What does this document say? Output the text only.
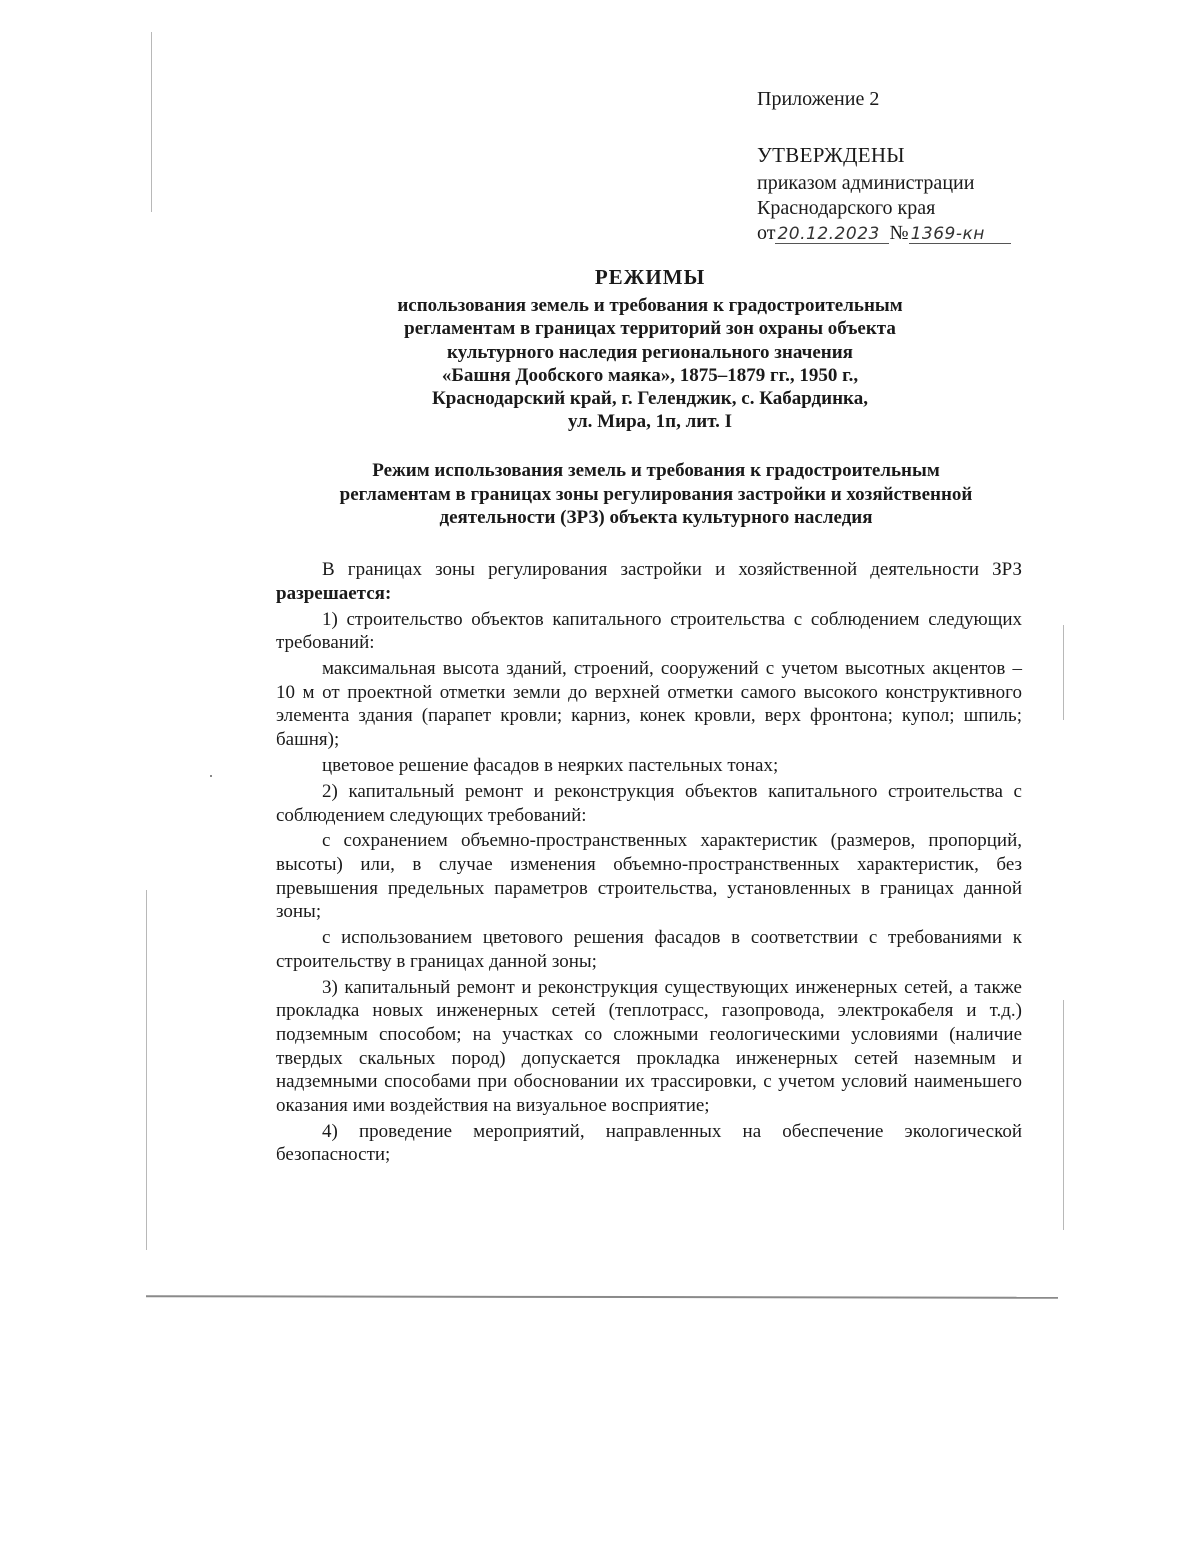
Приложение 2
УТВЕРЖДЕНЫ
приказом администрации
Краснодарского края
от 20.12.2023 № 1369-кн
РЕЖИМЫ
использования земель и требования к градостроительным
регламентам в границах территорий зон охраны объекта
культурного наследия регионального значения
«Башня Дообского маяка», 1875–1879 гг., 1950 г.,
Краснодарский край, г. Геленджик, с. Кабардинка,
ул. Мира, 1п, лит. I
Режим использования земель и требования к градостроительным
регламентам в границах зоны регулирования застройки и хозяйственной
деятельности (ЗРЗ) объекта культурного наследия

В границах зоны регулирования застройки и хозяйственной деятельности ЗРЗ разрешается:

1) строительство объектов капитального строительства с соблюдением следующих требований:

максимальная высота зданий, строений, сооружений с учетом высотных акцентов – 10 м от проектной отметки земли до верхней отметки самого высокого конструктивного элемента здания (парапет кровли; карниз, конек кровли, верх фронтона; купол; шпиль; башня);

цветовое решение фасадов в неярких пастельных тонах;

2) капитальный ремонт и реконструкция объектов капитального строительства с соблюдением следующих требований:

с сохранением объемно-пространственных характеристик (размеров, пропорций, высоты) или, в случае изменения объемно-пространственных характеристик, без превышения предельных параметров строительства, установленных в границах данной зоны;

с использованием цветового решения фасадов в соответствии с требованиями к строительству в границах данной зоны;

3) капитальный ремонт и реконструкция существующих инженерных сетей, а также прокладка новых инженерных сетей (теплотрасс, газопровода, электрокабеля и т.д.) подземным способом; на участках со сложными геологическими условиями (наличие твердых скальных пород) допускается прокладка инженерных сетей наземным и надземными способами при обосновании их трассировки, с учетом условий наименьшего оказания ими воздействия на визуальное восприятие;

4) проведение мероприятий, направленных на обеспечение экологической безопасности;
